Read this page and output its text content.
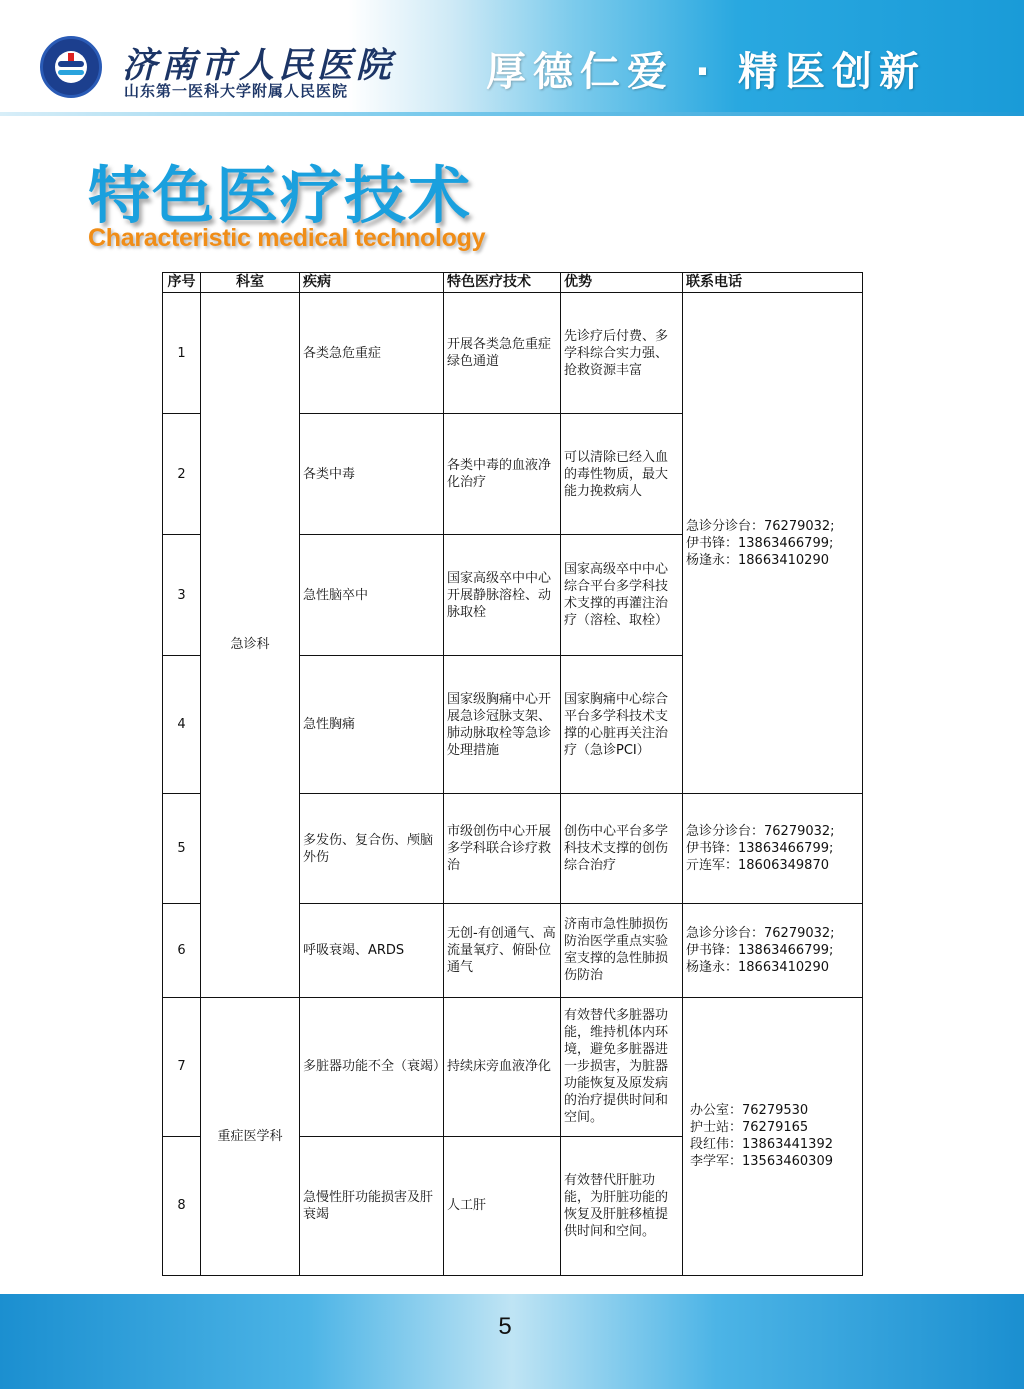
济南市人民医院
山东第一医科大学附属人民医院	厚德仁爱 · 精医创新
特色医疗技术
Characteristic medical technology
序号	科室	疾病	特色医疗技术	优势	联系电话
1	急诊科	各类急危重症	开展各类急危重症绿色通道	先诊疗后付费、多学科综合实力强、抢救资源丰富	急诊分诊台：76279032;
伊书锋：13863466799;
杨逢永：18663410290

2		各类中毒	各类中毒的血液净化治疗	可以清除已经入血的毒性物质，最大能力挽救病人	
3		急性脑卒中	国家高级卒中中心开展静脉溶栓、动脉取栓	国家高级卒中中心综合平台多学科技术支撑的再灌注治疗（溶栓、取栓）	
4		急性胸痛	国家级胸痛中心开展急诊冠脉支架、肺动脉取栓等急诊处理措施	国家胸痛中心综合平台多学科技术支撑的心脏再关注治疗（急诊PCI）	
5		多发伤、复合伤、颅脑外伤	市级创伤中心开展多学科联合诊疗救治	创伤中心平台多学科技术支撑的创伤综合治疗	急诊分诊台：76279032;
伊书锋：13863466799;
亓连军：18606349870

6		呼吸衰竭、ARDS	无创-有创通气、高流量氧疗、俯卧位通气	济南市急性肺损伤防治医学重点实验室支撑的急性肺损伤防治	急诊分诊台：76279032;
伊书锋：13863466799;
杨逢永：18663410290

7	重症医学科	多脏器功能不全（衰竭）	持续床旁血液净化	有效替代多脏器功能，维持机体内环境，避免多脏器进一步损害，为脏器功能恢复及原发病的治疗提供时间和空间。	办公室：76279530
护士站：76279165
段红伟：13863441392
李学军：13563460309

8		急慢性肝功能损害及肝衰竭	人工肝	有效替代肝脏功能，为肝脏功能的恢复及肝脏移植提供时间和空间。	
5
